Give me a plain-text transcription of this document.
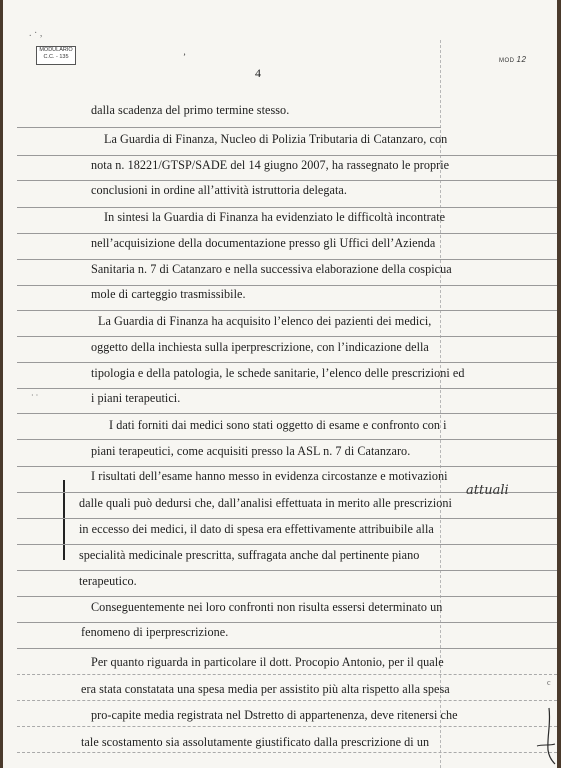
. · ,
MODULARIO
C.C. - 135	ʼ	MOD 12
4
· ·
dalla scadenza del primo termine stesso.
La Guardia di Finanza, Nucleo di Polizia Tributaria di Catanzaro, con
nota n. 18221/GTSP/SADE del 14 giugno 2007, ha rassegnato le proprie
conclusioni in ordine all’attività istruttoria delegata.
In sintesi la Guardia di Finanza ha evidenziato le difficoltà incontrate
nell’acquisizione della documentazione presso gli Uffici dell’Azienda
Sanitaria n. 7 di Catanzaro e nella successiva elaborazione della cospicua
mole di carteggio trasmissibile.
La Guardia di Finanza ha acquisito l’elenco dei pazienti dei medici,
oggetto della inchiesta sulla iperprescrizione, con l’indicazione della
tipologia e della patologia, le schede sanitarie, l’elenco delle prescrizioni ed
i piani terapeutici.
I dati forniti dai medici sono stati oggetto di esame e confronto con i
piani terapeutici, come acquisiti presso la ASL n. 7 di Catanzaro.
I risultati dell’esame hanno messo in evidenza circostanze e motivazioni
dalle quali può dedursi che, dall’analisi effettuata in merito alle prescrizioni
in eccesso dei medici, il dato di spesa era effettivamente attribuibile alla
specialità medicinale prescritta, suffragata anche dal pertinente piano
terapeutico.
Conseguentemente nei loro confronti non risulta essersi determinato un
fenomeno di iperprescrizione.
Per quanto riguarda in particolare il dott. Procopio Antonio, per il quale
era stata constatata una spesa media per assistito più alta rispetto alla spesa
pro-capite media registrata nel Dstretto di appartenenza, deve ritenersi che
tale scostamento sia assolutamente giustificato dalla prescrizione di un
attuali
c
